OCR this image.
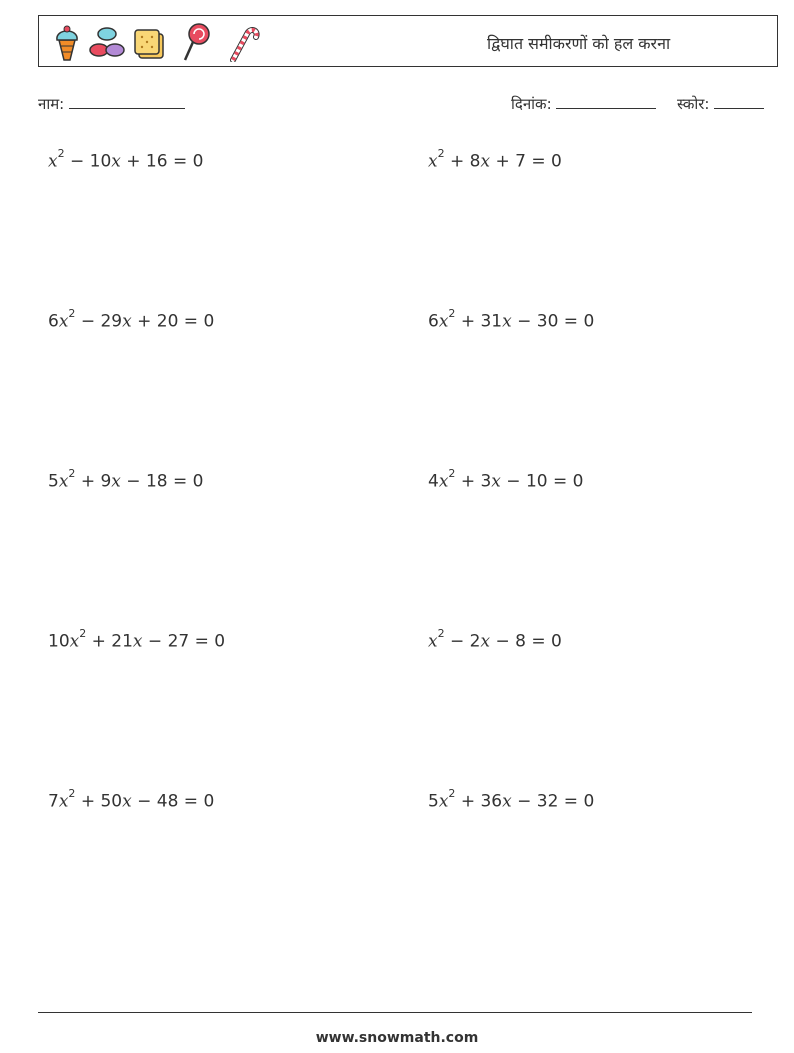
द्विघात समीकरणों को हल करना
नाम:	दिनांक:	स्कोर:
$x^2 - 10x + 16 = 0$	$x^2 + 8x + 7 = 0$
$6x^2 - 29x + 20 = 0$	$6x^2 + 31x - 30 = 0$
$5x^2 + 9x - 18 = 0$	$4x^2 + 3x - 10 = 0$
$10x^2 + 21x - 27 = 0$	$x^2 - 2x - 8 = 0$
$7x^2 + 50x - 48 = 0$	$5x^2 + 36x - 32 = 0$
www.snowmath.com
